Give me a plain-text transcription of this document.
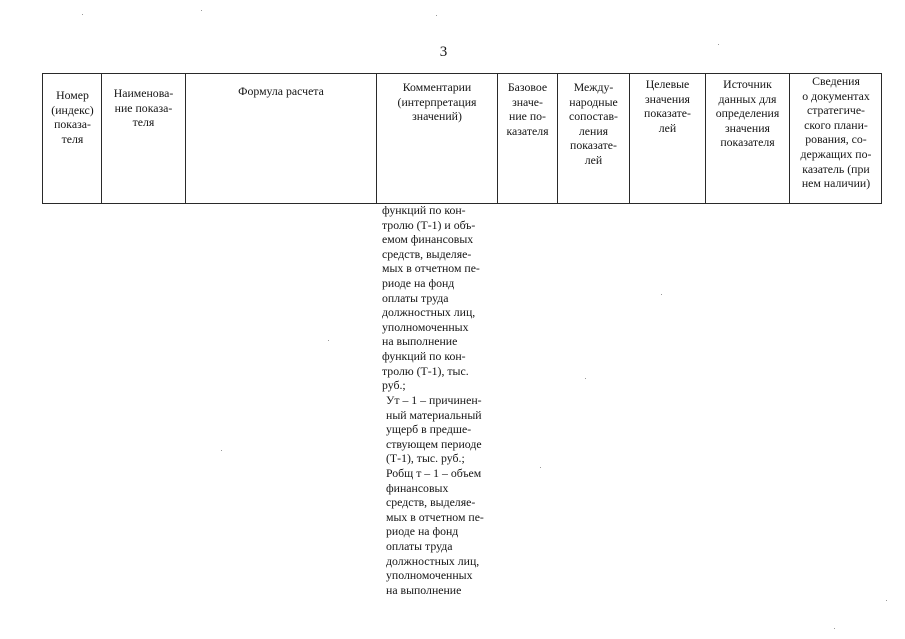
3
Номер
(индекс)
показа-
теля
Наименова-
ние показа-
теля
Формула расчета	Комментарии
(интерпретация
значений)
Базовое
значе-
ние по-
казателя
Между-
народные
сопостав-
ления
показате-
лей
Целевые
значения
показате-
лей
Источник
данных для
определения
значения
показателя
Сведения
о документах
стратегиче-
ского плани-
рования, со-
держащих по-
казатель (при
нем наличии)
функций по кон-
тролю (Т-1) и объ-
емом финансовых
средств, выделяе-
мых в отчетном пе-
риоде на фонд
оплаты труда
должностных лиц,
уполномоченных
на выполнение
функций по кон-
тролю (Т-1), тыс.
руб.;
Ут – 1 – причинен-
ный материальный
ущерб в предше-
ствующем периоде
(Т-1), тыс. руб.;
Робщ т – 1 – объем
финансовых
средств, выделяе-
мых в отчетном пе-
риоде на фонд
оплаты труда
должностных лиц,
уполномоченных
на выполнение
